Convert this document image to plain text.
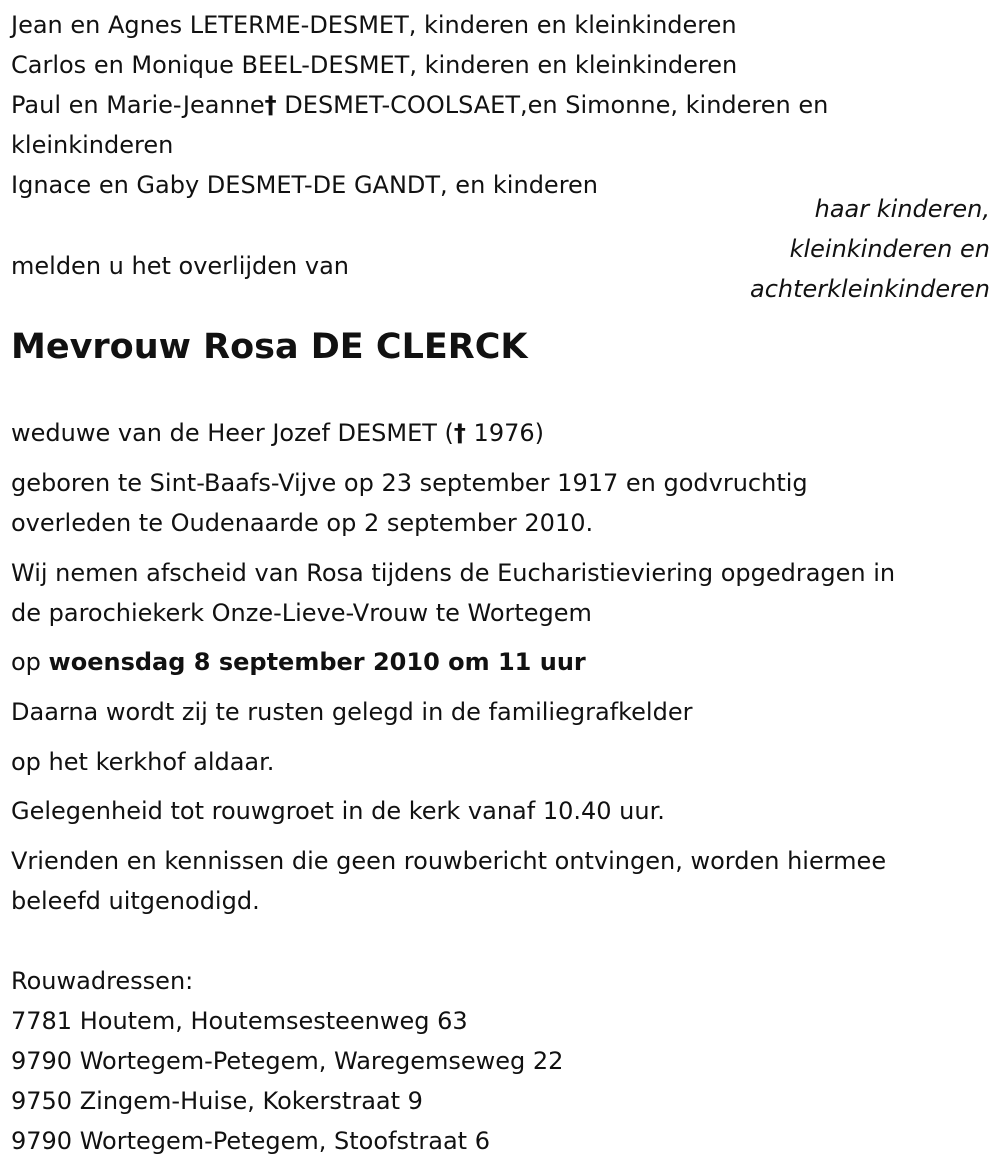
Jean en Agnes LETERME-DESMET, kinderen en kleinkinderen
Carlos en Monique BEEL-DESMET, kinderen en kleinkinderen
Paul en Marie-Jeanne† DESMET-COOLSAET,en Simonne, kinderen en
kleinkinderen
Ignace en Gaby DESMET-DE GANDT, en kinderen
haar kinderen,
kleinkinderen en
achterkleinkinderen
melden u het overlijden van
Mevrouw Rosa DE CLERCK
weduwe van de Heer Jozef DESMET († 1976)
geboren te Sint-Baafs-Vijve op 23 september 1917 en godvruchtig
overleden te Oudenaarde op 2 september 2010.
Wij nemen afscheid van Rosa tijdens de Eucharistieviering opgedragen in
de parochiekerk Onze-Lieve-Vrouw te Wortegem
op woensdag 8 september 2010 om 11 uur
Daarna wordt zij te rusten gelegd in de familiegrafkelder
op het kerkhof aldaar.
Gelegenheid tot rouwgroet in de kerk vanaf 10.40 uur.
Vrienden en kennissen die geen rouwbericht ontvingen, worden hiermee
beleefd uitgenodigd.
Rouwadressen:
7781 Houtem, Houtemsesteenweg 63
9790 Wortegem-Petegem, Waregemseweg 22
9750 Zingem-Huise, Kokerstraat 9
9790 Wortegem-Petegem, Stoofstraat 6
